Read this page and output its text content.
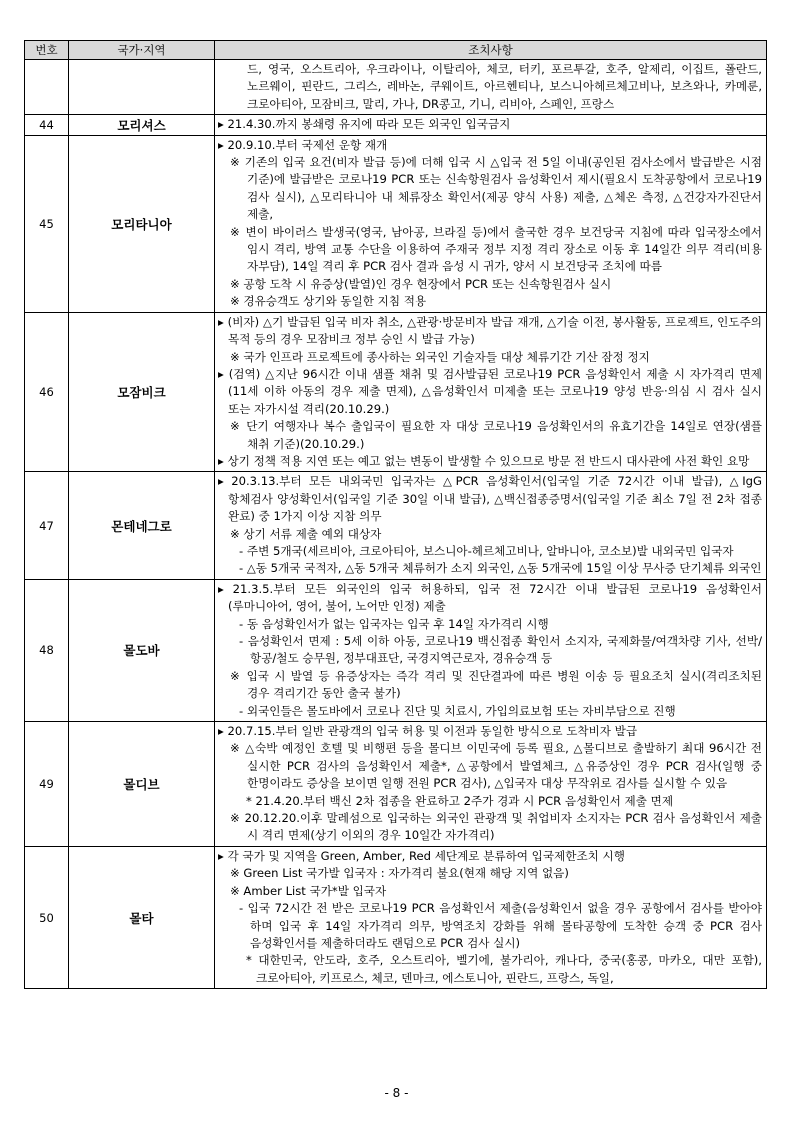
번호	국가·지역	조치사항

		드, 영국, 오스트리아, 우크라이나, 이탈리아, 체코, 터키, 포르투갈, 호주, 알제리, 이집트, 폴란드, 노르웨이, 핀란드, 그리스, 레바논, 쿠웨이트, 아르헨티나, 보스니아헤르체고비나, 보츠와나, 카메룬, 크로아티아, 모잠비크, 말리, 가나, DR콩고, 기니, 리비아, 스페인, 프랑스

44	모리셔스	▸ 21.4.30.까지 봉쇄령 유지에 따라 모든 외국인 입국금지

45	모리타니아	▸ 20.9.10.부터 국제선 운항 재개
※ 기존의 입국 요건(비자 발급 등)에 더해 입국 시 △입국 전 5일 이내(공인된 검사소에서 발급받은 시점 기준)에 발급받은 코로나19 PCR 또는 신속항원검사 음성확인서 제시(필요시 도착공항에서 코로나19 검사 실시), △모리타니아 내 체류장소 확인서(제공 양식 사용) 제출, △체온 측정, △건강자가진단서 제출,
※ 변이 바이러스 발생국(영국, 남아공, 브라질 등)에서 출국한 경우 보건당국 지침에 따라 입국장소에서 임시 격리, 방역 교통 수단을 이용하여 주재국 정부 지정 격리 장소로 이동 후 14일간 의무 격리(비용 자부담), 14일 격리 후 PCR 검사 결과 음성 시 귀가, 양서 시 보건당국 조치에 따름
※ 공항 도착 시 유증상(발열)인 경우 현장에서 PCR 또는 신속항원검사 실시
※ 경유승객도 상기와 동일한 지침 적용

46	모잠비크	▸ (비자) △기 발급된 입국 비자 취소, △관광·방문비자 발급 재개, △기술 이전, 봉사활동, 프로젝트, 인도주의 목적 등의 경우 모잠비크 정부 승인 시 발급 가능)
※ 국가 인프라 프로젝트에 종사하는 외국인 기술자들 대상 체류기간 기산 잠정 정지
▸ (검역) △지난 96시간 이내 샘플 채취 및 검사발급된 코로나19 PCR 음성확인서 제출 시 자가격리 면제(11세 이하 아동의 경우 제출 면제), △음성확인서 미제출 또는 코로나19 양성 반응·의심 시 검사 실시 또는 자가시설 격리(20.10.29.)
※ 단기 여행자나 복수 출입국이 필요한 자 대상 코로나19 음성확인서의 유효기간을 14일로 연장(샘플 채취 기준)(20.10.29.)
▸ 상기 정책 적용 지연 또는 예고 없는 변동이 발생할 수 있으므로 방문 전 반드시 대사관에 사전 확인 요망

47	몬테네그로	▸ 20.3.13.부터 모든 내외국민 입국자는 △PCR 음성확인서(입국일 기준 72시간 이내 발급), △IgG 항체검사 양성확인서(입국일 기준 30일 이내 발급), △백신접종증명서(입국일 기준 최소 7일 전 2차 접종 완료) 중 1가지 이상 지참 의무
※ 상기 서류 제출 예외 대상자
- 주변 5개국(세르비아, 크로아티아, 보스니아-헤르체고비나, 알바니아, 코소보)발 내외국민 입국자
- △동 5개국 국적자, △동 5개국 체류허가 소지 외국인, △동 5개국에 15일 이상 무사증 단기체류 외국인

48	몰도바	▸ 21.3.5.부터 모든 외국인의 입국 허용하되, 입국 전 72시간 이내 발급된 코로나19 음성확인서(루마니아어, 영어, 불어, 노어만 인정) 제출
- 동 음성확인서가 없는 입국자는 입국 후 14일 자가격리 시행
- 음성확인서 면제 : 5세 이하 아동, 코로나19 백신접종 확인서 소지자, 국제화물/여객차량 기사, 선박/항공/철도 승무원, 정부대표단, 국경지역근로자, 경유승객 등
※ 입국 시 발열 등 유증상자는 즉각 격리 및 진단결과에 따른 병원 이송 등 필요조치 실시(격리조치된 경우 격리기간 동안 출국 불가)
- 외국인들은 몰도바에서 코로나 진단 및 치료시, 가입의료보험 또는 자비부담으로 진행

49	몰디브	▸ 20.7.15.부터 일반 관광객의 입국 허용 및 이전과 동일한 방식으로 도착비자 발급
※ △숙박 예정인 호텔 및 비행편 등을 몰디브 이민국에 등록 필요, △몰디브로 출발하기 최대 96시간 전 실시한 PCR 검사의 음성확인서 제출*, △공항에서 발열체크, △유증상인 경우 PCR 검사(일행 중 한명이라도 증상을 보이면 일행 전원 PCR 검사), △입국자 대상 무작위로 검사를 실시할 수 있음
* 21.4.20.부터 백신 2차 접종을 완료하고 2주가 경과 시 PCR 음성확인서 제출 면제
※ 20.12.20.이후 말레섬으로 입국하는 외국인 관광객 및 취업비자 소지자는 PCR 검사 음성확인서 제출 시 격리 면제(상기 이외의 경우 10일간 자가격리)

50	몰타	▸ 각 국가 및 지역을 Green, Amber, Red 세단계로 분류하여 입국제한조치 시행
※ Green List 국가발 입국자 : 자가격리 불요(현재 해당 지역 없음)
※ Amber List 국가*발 입국자
- 입국 72시간 전 받은 코로나19 PCR 음성확인서 제출(음성확인서 없을 경우 공항에서 검사를 받아야 하며 입국 후 14일 자가격리 의무, 방역조치 강화를 위해 몰타공항에 도착한 승객 중 PCR 검사 음성확인서를 제출하더라도 랜덤으로 PCR 검사 실시)
* 대한민국, 안도라, 호주, 오스트리아, 벨기에, 불가리아, 캐나다, 중국(홍콩, 마카오, 대만 포함), 크로아티아, 키프로스, 체코, 덴마크, 에스토니아, 핀란드, 프랑스, 독일,
- 8 -
